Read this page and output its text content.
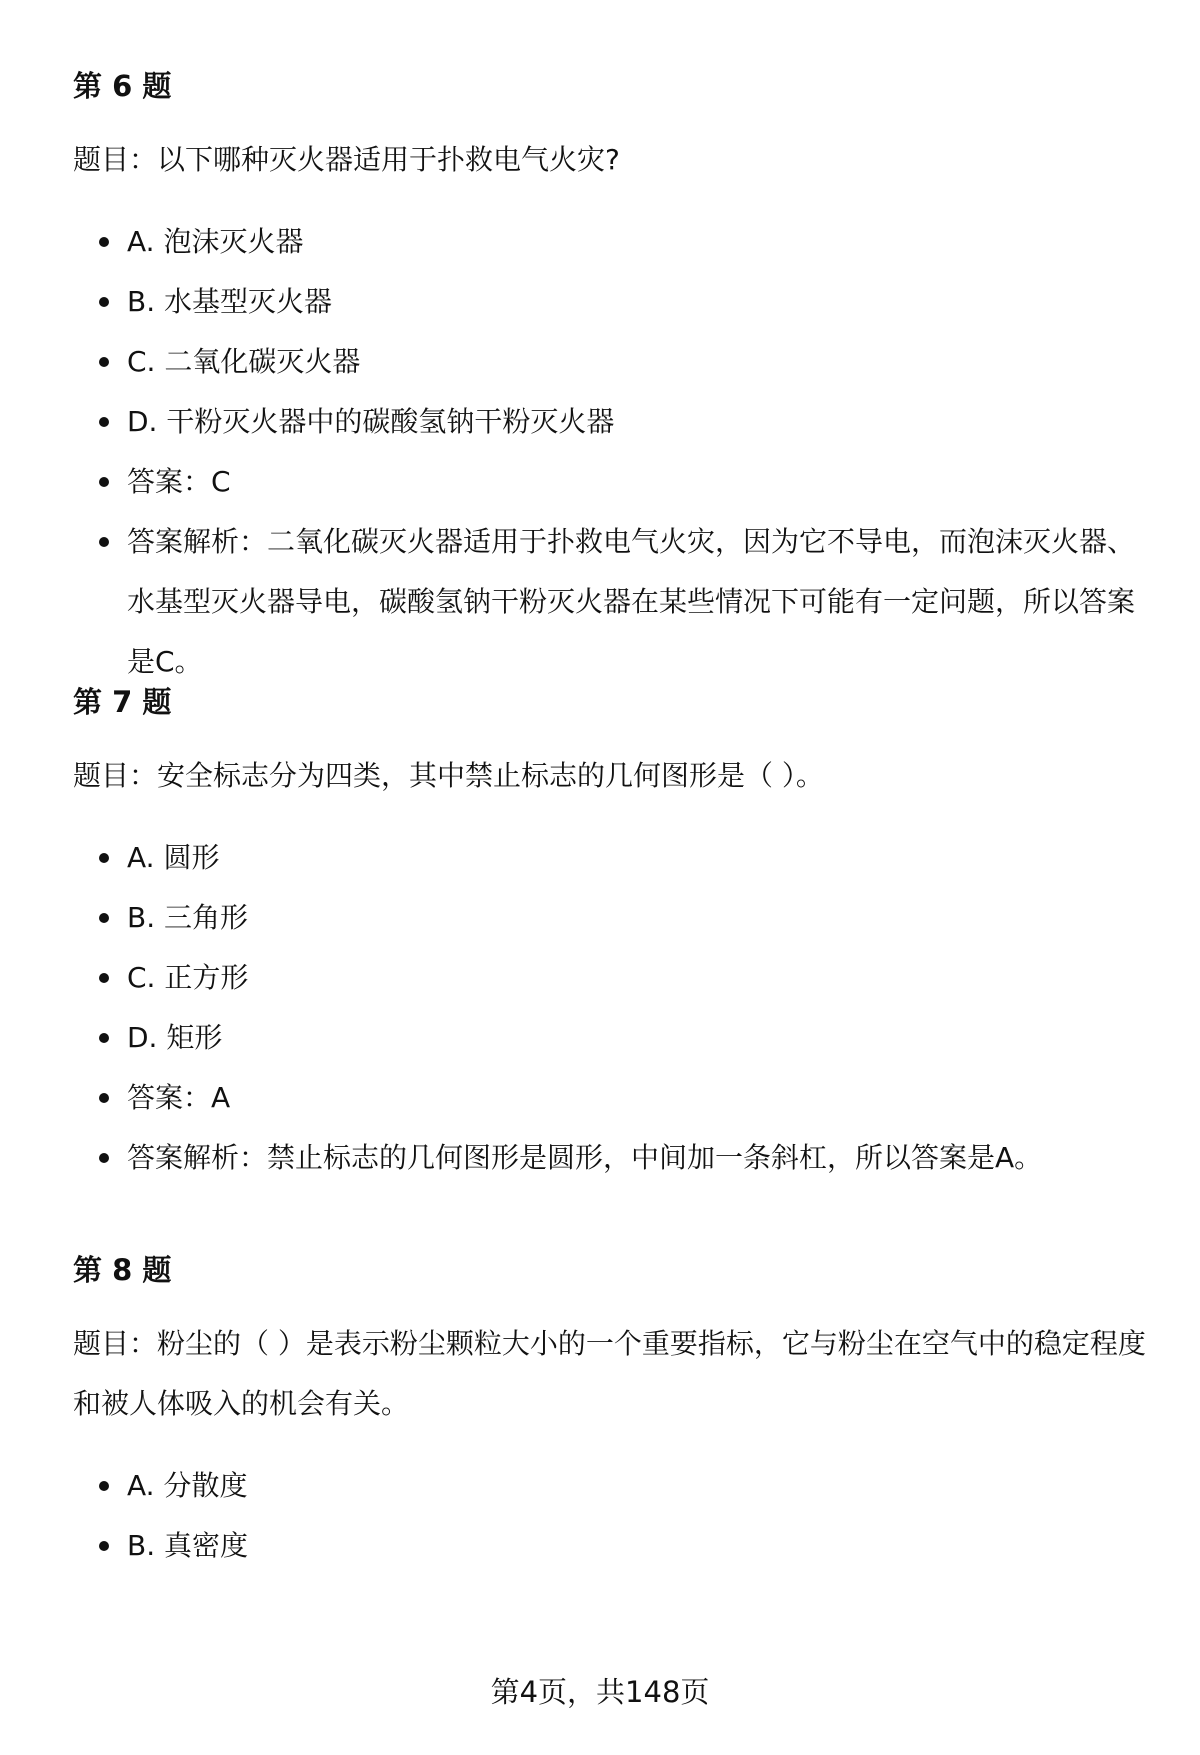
第 6 题
题目：以下哪种灭火器适用于扑救电气火灾?
A. 泡沫灭火器
B. 水基型灭火器
C. 二氧化碳灭火器
D. 干粉灭火器中的碳酸氢钠干粉灭火器
答案：C
答案解析：二氧化碳灭火器适用于扑救电气火灾，因为它不导电，而泡沫灭火器、水基型灭火器导电，碳酸氢钠干粉灭火器在某些情况下可能有一定问题，所以答案是C。
第 7 题
题目：安全标志分为四类，其中禁止标志的几何图形是（ ）。
A. 圆形
B. 三角形
C. 正方形
D. 矩形
答案：A
答案解析：禁止标志的几何图形是圆形，中间加一条斜杠，所以答案是A。
第 8 题
题目：粉尘的（ ）是表示粉尘颗粒大小的一个重要指标，它与粉尘在空气中的稳定程度和被人体吸入的机会有关。
A. 分散度
B. 真密度
第4页，共148页
